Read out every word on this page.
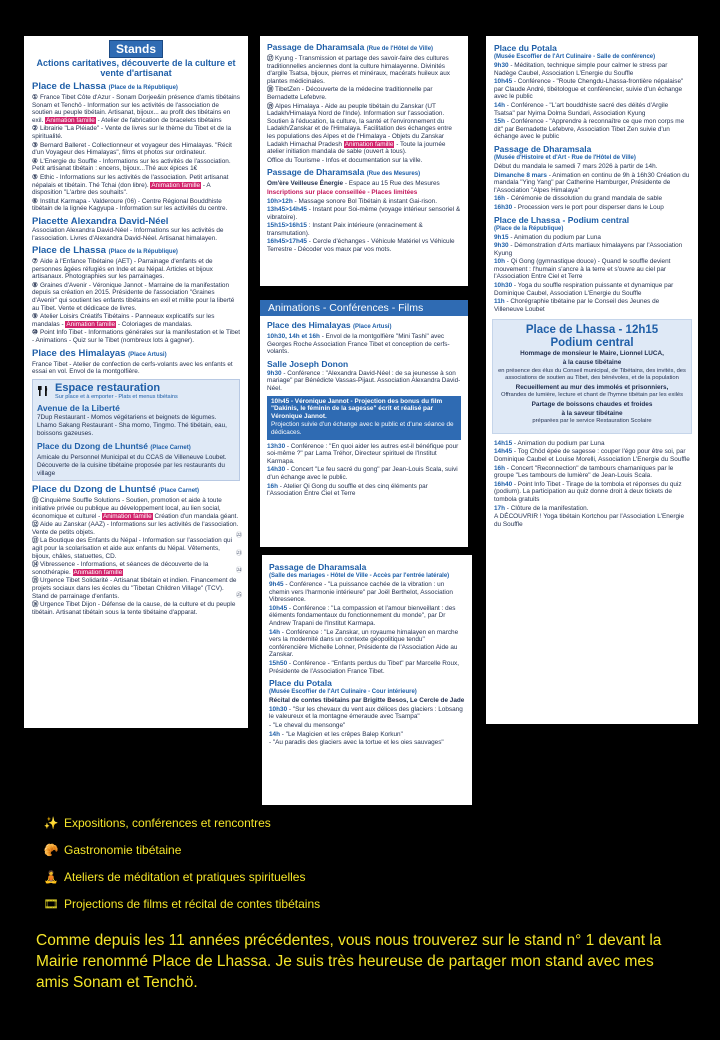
Stands
Actions caritatives, découverte de la culture et vente d'artisanat
Place de Lhassa (Place de la République)

① France Tibet Côte d'Azur - Sonam Dorjee&in présence d'amis tibétains Sonam et Tenchö - Information sur les activités de l'association de soutien au peuple tibétain. Artisanat, bijoux... au profit des tibétains en exil. Animation famille - Atelier de fabrication de bracelets tibétains

② Librairie "La Pléiade" - Vente de livres sur le thème du Tibet et de la spiritualité.

③ Bernard Balleret - Collectionneur et voyageur des Himalayas. "Récit d'un Voyageur des Himalayas", films et photos sur ordinateur.

④ L'Energie du Souffle - Informations sur les activités de l'association. Petit artisanat tibétain : encens, bijoux...Thé aux épices 1€

⑤ Ethic - Informations sur les activités de l'association. Petit artisanat népalais et tibétain. Thé Tchai (don libre). Animation famille - A disposition "L'arbre des souhaits".

⑥ Institut Karmapa - Valderoure (06) - Centre Régional Bouddhiste tibétain de la lignée Kagyupa - Information sur les activités du centre.

Placette Alexandra David-Néel

Association Alexandra David-Néel - Informations sur les activités de l'association. Livres d'Alexandra David-Néel. Artisanat himalayen.

Place de Lhassa (Place de la République)

⑦ Aide à l'Enfance Tibétaine (AET) - Parrainage d'enfants et de personnes âgées réfugiés en Inde et au Népal. Articles et bijoux artisanaux. Photographies sur les parrainages.

⑧ Graines d'Avenir - Véronique Jannot - Marraine de la manifestation depuis sa création en 2015. Présidente de l'association "Graines d'Avenir" qui soutient les enfants tibétains en exil et milite pour la liberté au Tibet. Vente et dédicace de livres.

⑨ Atelier Loisirs Créatifs Tibétains - Panneaux explicatifs sur les mandalas - Animation famille - Coloriages de mandalas.

⑩ Point Info Tibet - Informations générales sur la manifestation et le Tibet - Animations - Quiz sur le Tibet (nombreux lots à gagner).

Place des Himalayas (Place Artusi)

France Tibet - Atelier de confection de cerfs-volants avec les enfants et essai en vol. Envol de la montgolfière.

Espace restauration
Sur place et à emporter - Plats et menus tibétains
Avenue de la Liberté

7Dup Restaurant - Momos végétariens et beignets de légumes.

Lhamo Sakang Restaurant - Sha momo, Tingmo. Thé tibétain, eau, boissons gazeuses.

Place du Dzong de Lhuntsé (Place Carnet)

Amicale du Personnel Municipal et du CCAS de Villeneuve Loubet.

Découverte de la cuisine tibétaine proposée par les restaurants du village

Place du Dzong de Lhuntsé (Place Carnet)

⑪ Cinquième Souffle Solutions - Soutien, promotion et aide à toute initiative privée ou publique au développement local, au lien social, économique et culturel - Animation famille Création d'un mandala géant.

⑫ Aide au Zanskar (AAZ) - Informations sur les activités de l'association. Vente de petits objets.

⑬ La Boutique des Enfants du Népal - Information sur l'association qui agit pour la scolarisation et aide aux enfants du Népal. Vêtements, bijoux, châles, statuettes, CD.

⑭ Vibressence - Informations, et séances de découverte de la sonothérapie. Animation famille

⑮ Urgence Tibet Solidarité - Artisanat tibétain et indien. Financement de projets sociaux dans les écoles du "Tibetan Children Village" (TCV). Stand de parrainage d'enfants.

⑯ Urgence Tibet Dijon - Défense de la cause, de la culture et du peuple tibétain. Artisanat tibétain sous la tente tibétaine d'apparat.

㉒
㉓
㉔
㉕
Passage de Dharamsala (Rue de l'Hôtel de Ville)

⑰ Kyung - Transmission et partage des savoir-faire des cultures traditionnelles anciennes dont la culture himalayenne. Divinités d'argile Tsatsa, bijoux, pierres et minéraux, macérats huileux aux plantes médicinales.

⑱ TibetZen - Découverte de la médecine traditionnelle par Bernadette Lefebvre.

⑲ Alpes Himalaya - Aide au peuple tibétain du Zanskar (UT Ladakh/Himalaya Nord de l'Inde). Information sur l'association. Soutien à l'éducation, la culture, la santé et l'environnement du Ladakh/Zanskar et de l'Himalaya. Facilitation des échanges entre les populations des Alpes et de l'Himalaya - Objets du Zanskar Ladakh Himachal Pradesh Animation famille - Toute la journée atelier initiation mandala de sable (ouvert à tous).

Office du Tourisme - Infos et documentation sur la ville.

Passage de Dharamsala (Rue des Mesures)

Om'ère Veilleuse Énergie - Espace au 15 Rue des Mesures

Inscriptions sur place conseillée - Places limitées

10h>12h - Massage sonore Bol Tibétain & instant Gai-rison.

13h45>14h45 - Instant pour Soi-mème (voyage intérieur sensoriel & vibratoire).

15h15>16h15 : Instant Paix intérieure (enracinement & transmutation).

16h45>17h45 - Cercle d'échanges - Véhicule Matériel vs Véhicule Terrestre - Décoder vos maux par vos mots.

Animations - Conférences - Films
Place des Himalayas (Place Artusi)

10h30, 14h et 16h - Envol de la montgolfière "Mini Tashi" avec Georges Roche Association France Tibet et conception de cerfs-volants.

Salle Joseph Donon

9h30 - Conférence : "Alexandra David-Néel : de sa jeunesse à son mariage" par Bénédicte Vassas-Pijaut. Association Alexandra David-Néel.

10h45 - Véronique Jannot - Projection des bonus du film "Dakinis, le féminin de la sagesse" écrit et réalisé par Véronique Jannot.

Projection suivie d'un échange avec le public et d'une séance de dédicaces.

13h30 - Conférence : "En quoi aider les autres est-il bénéfique pour soi-même ?" par Lama Tréhor, Directeur spirituel de l'Institut Karmapa.

14h30 - Concert "Le feu sacré du gong" par Jean-Louis Scala, suivi d'un échange avec le public.

16h - Atelier Qi Gong du souffle et des cinq éléments par l'Association Entre Ciel et Terre

Passage de Dharamsala

(Salle des mariages - Hôtel de Ville - Accès par l'entrée latérale)

9h45 - Conférence - "La puissance cachée de la vibration : un chemin vers l'harmonie intérieure" par Joël Berthelot, Association Vibressence.

10h45 - Conférence : "La compassion et l'amour bienveillant : des éléments fondamentaux du fonctionnement du monde", par Dr Andrew Trapani de l'Institut Karmapa.

14h - Conférence : "Le Zanskar, un royaume himalayen en marche vers la modernité dans un contexte géopolitique tendu" conférencière Michelle Lohner, Présidente de l'Association Aide au Zanskar.

15h50 - Conférence - "Enfants perdus du Tibet" par Marcelle Roux, Présidente de l'Association France Tibet.

Place du Potala

(Musée Escoffier de l'Art Culinaire - Cour intérieure)

Récital de contes tibétains par Brigitte Besos, Le Cercle de Jade

10h30 - "Sur les chevaux du vent aux délices des glaciers : Lobsang le valeureux et la montagne émeraude avec Tsampa"

- "Le cheval du mensonge"

14h - "Le Magicien et les crêpes Balep Korkun"

- "Au paradis des glaciers avec la tortue et les oies sauvages"

Place du Potala

(Musée Escoffier de l'Art Culinaire - Salle de conférence)

9h30 - Méditation, technique simple pour calmer le stress par Nadège Caubel, Association L'Energie du Souffle

10h45 - Conférence - "Route Chengdu-Lhassa-frontière népalaise" par Claude André, tibétologue et conférencier, suivie d'un échange avec le public

14h - Conférence - "L'art bouddhiste sacré des déités d'Argile Tsatsa" par Nyima Dolma Sundari, Association Kyung

15h - Conférence - "Apprendre à reconnaître ce que mon corps me dit" par Bernadette Lefebvre, Association Tibet Zen suivie d'un échange avec le public

Passage de Dharamsala

(Musée d'Histoire et d'Art - Rue de l'Hôtel de Ville)

Début du mandala le samedi 7 mars 2026 à partir de 14h.

Dimanche 8 mars - Animation en continu de 9h à 16h30 Création du mandala "Ying Yang" par Catherine Hamburger, Présidente de l'Association "Alpes Himalaya"

16h - Cérémonie de dissolution du grand mandala de sable

16h30 - Procession vers le port pour disperser dans le Loup

Place de Lhassa - Podium central

(Place de la République)

9h15 - Animation du podium par Luna

9h30 - Démonstration d'Arts martiaux himalayens par l'Association Kyung

10h - Qi Gong (gymnastique douce) - Quand le souffle devient mouvement : l'humain s'ancre à la terre et s'ouvre au ciel par l'Association Entre Ciel et Terre

10h30 - Yoga du souffle respiration puissante et dynamique par Dominique Caubel, Association L'Energie du Souffle

11h - Chorégraphie tibétaine par le Conseil des Jeunes de Villeneuve Loubet

Place de Lhassa - 12h15
Podium central

Hommage de monsieur le Maire, Lionnel LUCA,

à la cause tibétaine

en présence des élus du Conseil municipal, de Tibétains, des invités, des associations de soutien au Tibet, des bénévoles, et de la population

Recueillement au mur des immolés et prisonniers,

Offrandes de lumière, lecture et chant de l'hymne tibétain par les exilés

Partage de boissons chaudes et froides

à la saveur tibétaine

préparées par le service Restauration Scolaire

14h15 - Animation du podium par Luna

14h45 - Tog Chöd épée de sagesse : couper l'égo pour être soi, par Dominique Caubel et Louise Morelli, Association L'Energie du Souffle

16h - Concert "Reconnection" de tambours chamaniques par le groupe "Les tambours de lumière" de Jean-Louis Scala.

16h40 - Point Info Tibet - Tirage de la tombola et réponses du quiz (podium). La participation au quiz donne droit à deux tickets de tombola gratuits

17h - Clôture de la manifestation.

A DÉCOUVRIR ! Yoga tibétain Kortchou par l'Association L'Energie du Souffle

✨ Expositions, conférences et rencontres
🥐 Gastronomie tibétaine
🧘 Ateliers de méditation et pratiques spirituelles
🎞 Projections de films et récital de contes tibétains
Comme depuis les 11 années précédentes, vous nous trouverez sur le stand n° 1 devant la Mairie renommé Place de Lhassa. Je suis très heureuse de partager mon stand avec mes amis Sonam et Tenchö.
